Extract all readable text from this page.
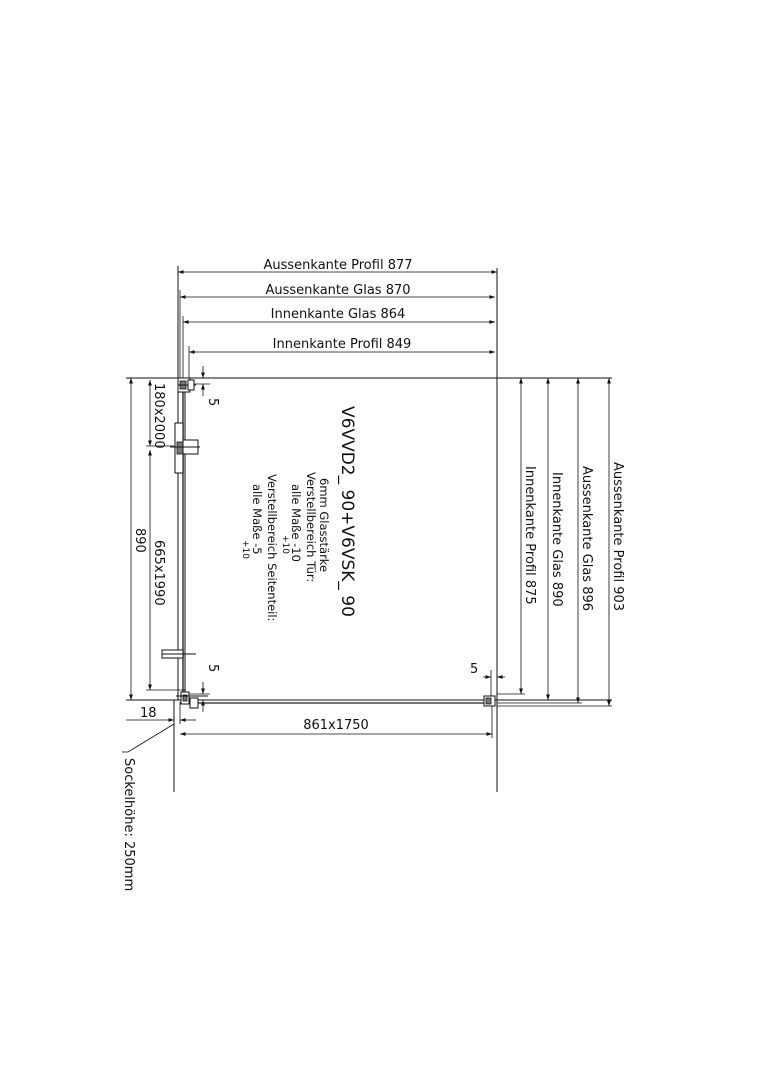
Aussenkante Profil 877
Aussenkante Glas 870
Innenkante Glas 864
Innenkante Profil 849
Innenkante Profil 875 Innenkante Glas 890 Aussenkante Glas 896 Aussenkante Profil 903
890
180x2000
665x1990
5
5	5
18
861x1750
V6VVD2_ 90+V6VSK_ 90
6mm Glasstärke
Verstellbereich Tür:
alle Maße -10
+10
Verstellbereich Seitenteil:
alle Maße -5
+10
Sockelhöhe: 250mm
